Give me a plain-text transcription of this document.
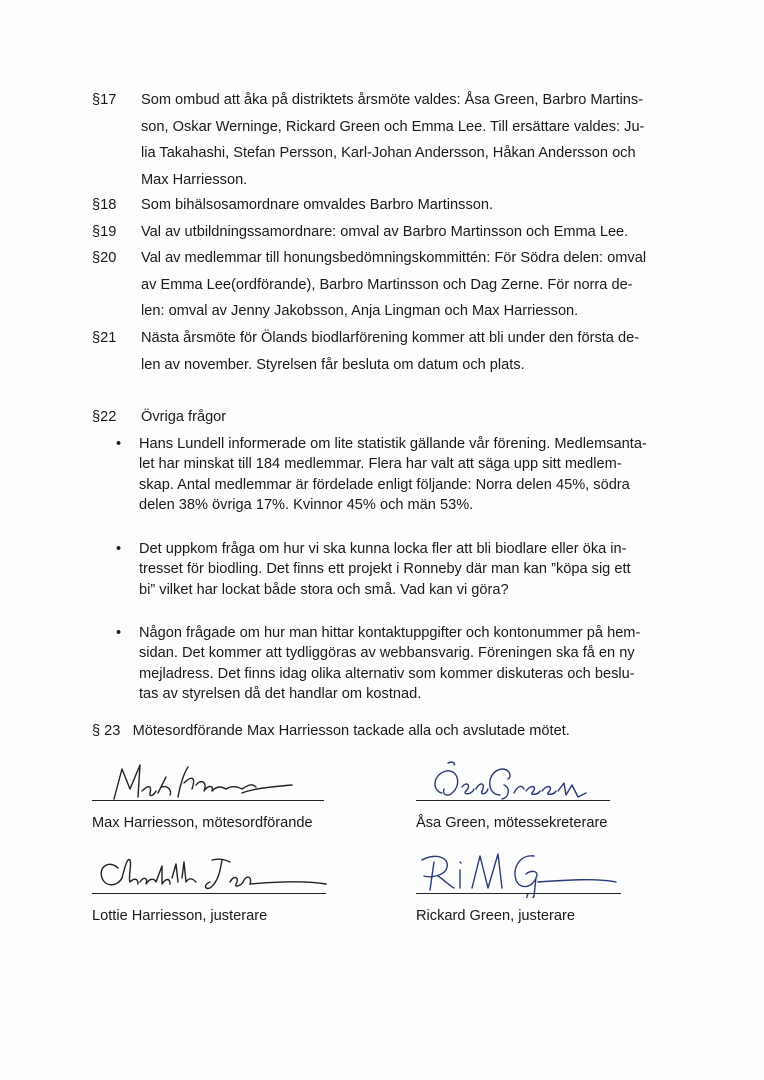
§17 Som ombud att åka på distriktets årsmöte valdes: Åsa Green, Barbro Martins-
son, Oskar Werninge, Rickard Green och Emma Lee. Till ersättare valdes: Ju-
lia Takahashi, Stefan Persson, Karl-Johan Andersson, Håkan Andersson och
Max Harriesson.
§18 Som bihälsosamordnare omvaldes Barbro Martinsson.
§19 Val av utbildningssamordnare: omval av Barbro Martinsson och Emma Lee.
§20 Val av medlemmar till honungsbedömningskommittén: För Södra delen: omval
av Emma Lee(ordförande), Barbro Martinsson och Dag Zerne. För norra de-
len: omval av Jenny Jakobsson, Anja Lingman och Max Harriesson.
§21 Nästa årsmöte för Ölands biodlarförening kommer att bli under den första de-
len av november. Styrelsen får besluta om datum och plats.
§22 Övriga frågor
• Hans Lundell informerade om lite statistik gällande vår förening. Medlemsanta-
let har minskat till 184 medlemmar. Flera har valt att säga upp sitt medlem-
skap. Antal medlemmar är fördelade enligt följande: Norra delen 45%, södra
delen 38% övriga 17%. Kvinnor 45% och män 53%.
• Det uppkom fråga om hur vi ska kunna locka fler att bli biodlare eller öka in-
tresset för biodling. Det finns ett projekt i Ronneby där man kan ”köpa sig ett
bi” vilket har lockat både stora och små. Vad kan vi göra?
• Någon frågade om hur man hittar kontaktuppgifter och kontonummer på hem-
sidan. Det kommer att tydliggöras av webbansvarig. Föreningen ska få en ny
mejladress. Det finns idag olika alternativ som kommer diskuteras och beslu-
tas av styrelsen då det handlar om kostnad.
§ 23 Mötesordförande Max Harriesson tackade alla och avslutade mötet.
Max Harriesson, mötesordförande	Åsa Green, mötessekreterare
Lottie Harriesson, justerare	Rickard Green, justerare
